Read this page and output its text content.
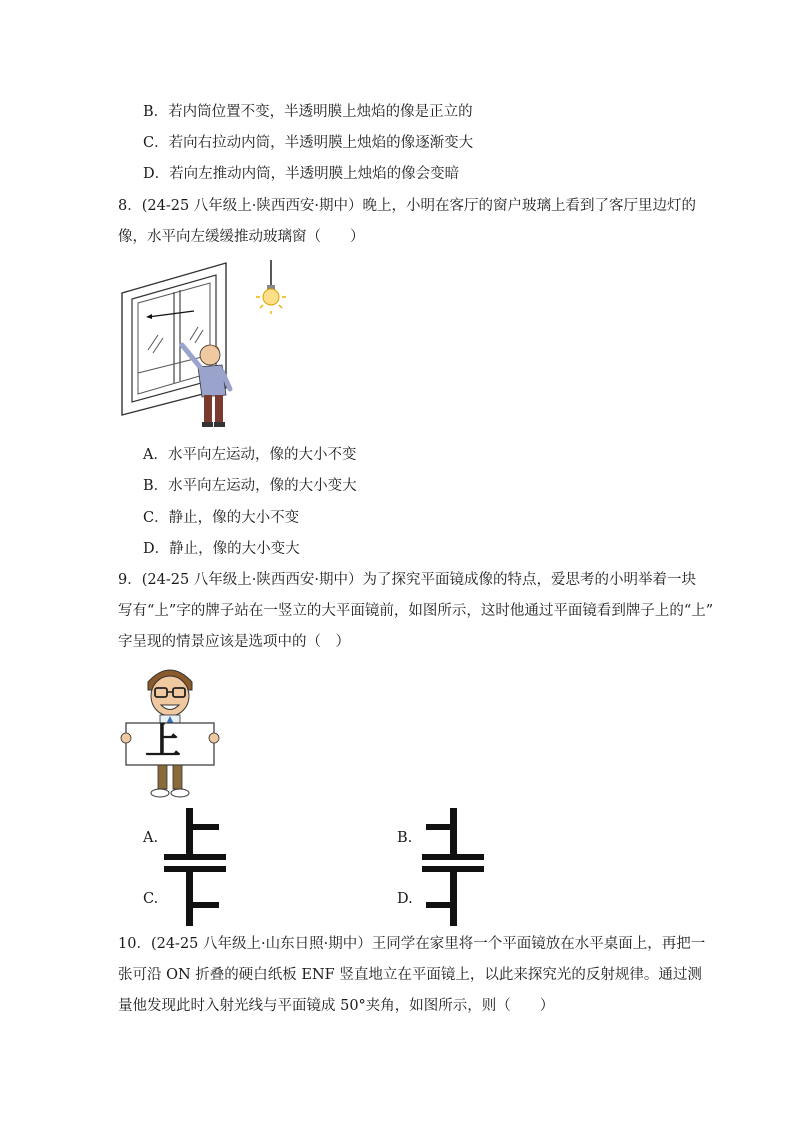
B．若内筒位置不变，半透明膜上烛焰的像是正立的
C．若向右拉动内筒，半透明膜上烛焰的像逐渐变大
D．若向左推动内筒，半透明膜上烛焰的像会变暗
8．(24-25 八年级上·陕西西安·期中）晚上，小明在客厅的窗户玻璃上看到了客厅里边灯的
像，水平向左缓缓推动玻璃窗（　　）
A．水平向左运动，像的大小不变
B．水平向左运动，像的大小变大
C．静止，像的大小不变
D．静止，像的大小变大
9．(24-25 八年级上·陕西西安·期中）为了探究平面镜成像的特点，爱思考的小明举着一块
写有“上”字的牌子站在一竖立的大平面镜前，如图所示，这时他通过平面镜看到牌子上的“上”
字呈现的情景应该是选项中的（　）
上
A.	B.
C.	D.
10．(24-25 八年级上·山东日照·期中）王同学在家里将一个平面镜放在水平桌面上，再把一
张可沿 ON 折叠的硬白纸板 ENF 竖直地立在平面镜上，以此来探究光的反射规律。通过测
量他发现此时入射光线与平面镜成 50°夹角，如图所示，则（　　）
